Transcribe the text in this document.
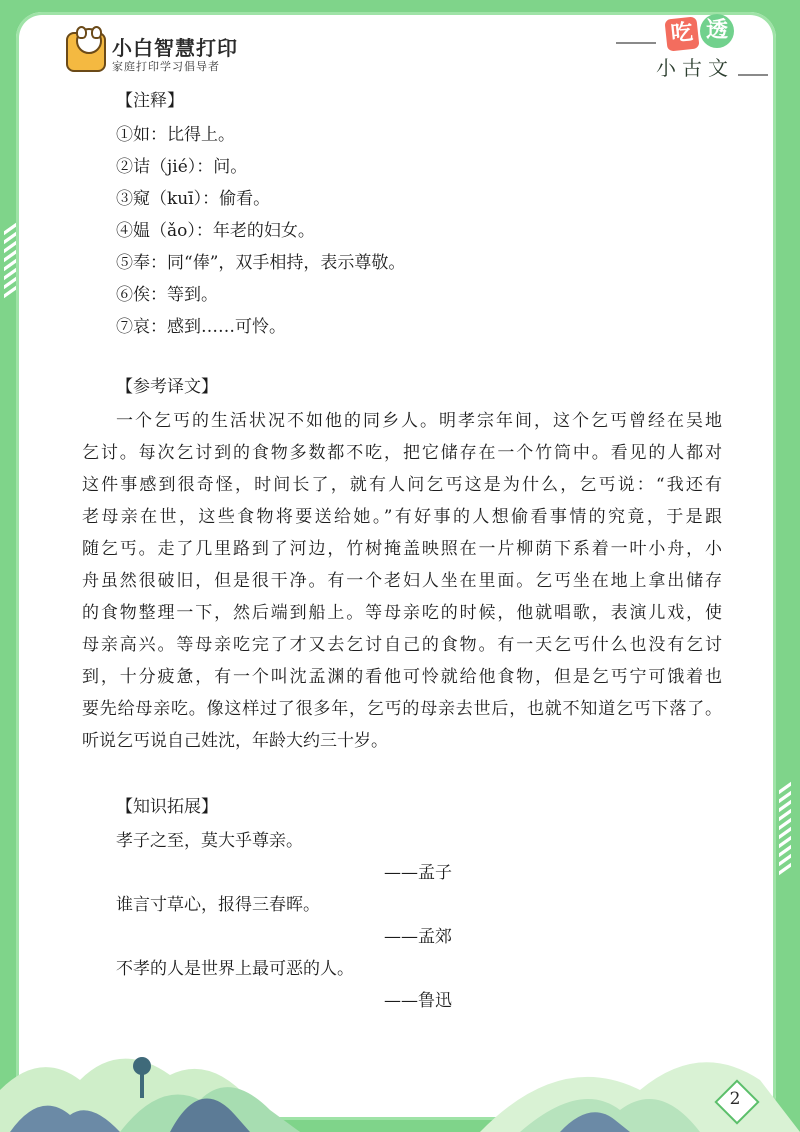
小白智慧打印
家庭打印学习倡导者
吃 透
小古文
【注释】
①如：比得上。
②诘（jié）：问。
③窥（kuī）：偷看。
④媪（ǎo）：年老的妇女。
⑤奉：同“俸”，双手相持，表示尊敬。
⑥俟：等到。
⑦哀：感到……可怜。
【参考译文】
一个乞丐的生活状况不如他的同乡人。明孝宗年间，这个乞丐曾经在吴地
乞讨。每次乞讨到的食物多数都不吃，把它储存在一个竹筒中。看见的人都对
这件事感到很奇怪，时间长了，就有人问乞丐这是为什么，乞丐说：“我还有
老母亲在世，这些食物将要送给她。”有好事的人想偷看事情的究竟，于是跟
随乞丐。走了几里路到了河边，竹树掩盖映照在一片柳荫下系着一叶小舟，小
舟虽然很破旧，但是很干净。有一个老妇人坐在里面。乞丐坐在地上拿出储存
的食物整理一下，然后端到船上。等母亲吃的时候，他就唱歌，表演儿戏，使
母亲高兴。等母亲吃完了才又去乞讨自己的食物。有一天乞丐什么也没有乞讨
到，十分疲惫，有一个叫沈孟渊的看他可怜就给他食物，但是乞丐宁可饿着也
要先给母亲吃。像这样过了很多年，乞丐的母亲去世后，也就不知道乞丐下落了。
听说乞丐说自己姓沈，年龄大约三十岁。
【知识拓展】
孝子之至，莫大乎尊亲。
——孟子
谁言寸草心，报得三春晖。
——孟郊
不孝的人是世界上最可恶的人。
——鲁迅
2
